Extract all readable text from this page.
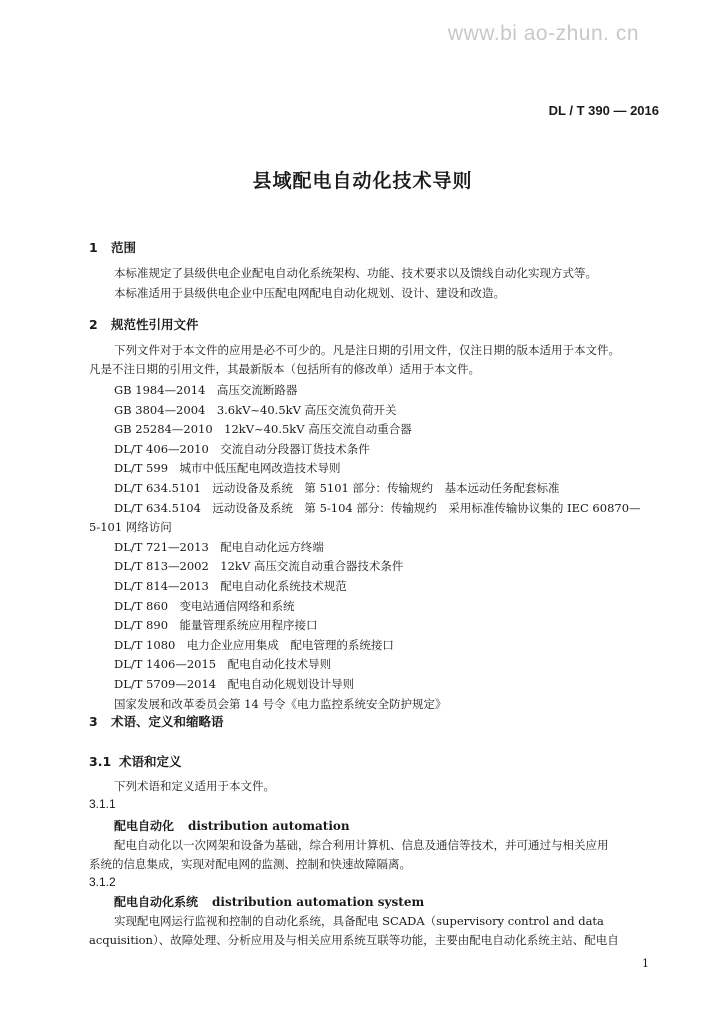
www.bi ao-zhun. cn
DL / T 390 — 2016
县域配电自动化技术导则
1 范围
本标准规定了县级供电企业配电自动化系统架构、功能、技术要求以及馈线自动化实现方式等。
本标准适用于县级供电企业中压配电网配电自动化规划、设计、建设和改造。
2 规范性引用文件
下列文件对于本文件的应用是必不可少的。凡是注日期的引用文件，仅注日期的版本适用于本文件。
凡是不注日期的引用文件，其最新版本（包括所有的修改单）适用于本文件。
GB 1984—2014　高压交流断路器
GB 3804—2004　3.6kV~40.5kV 高压交流负荷开关
GB 25284—2010　12kV~40.5kV 高压交流自动重合器
DL/T 406—2010　交流自动分段器订货技术条件
DL/T 599　城市中低压配电网改造技术导则
DL/T 634.5101　远动设备及系统　第 5101 部分：传输规约　基本远动任务配套标准
DL/T 634.5104　远动设备及系统　第 5-104 部分：传输规约　采用标准传输协议集的 IEC 60870—
5-101 网络访问
DL/T 721—2013　配电自动化远方终端
DL/T 813—2002　12kV 高压交流自动重合器技术条件
DL/T 814—2013　配电自动化系统技术规范
DL/T 860　变电站通信网络和系统
DL/T 890　能量管理系统应用程序接口
DL/T 1080　电力企业应用集成　配电管理的系统接口
DL/T 1406—2015　配电自动化技术导则
DL/T 5709—2014　配电自动化规划设计导则
国家发展和改革委员会第 14 号令《电力监控系统安全防护规定》
3 术语、定义和缩略语
3.1 术语和定义
下列术语和定义适用于本文件。
3.1.1
配电自动化 distribution automation
配电自动化以一次网架和设备为基础，综合利用计算机、信息及通信等技术，并可通过与相关应用
系统的信息集成，实现对配电网的监测、控制和快速故障隔离。
3.1.2
配电自动化系统 distribution automation system
实现配电网运行监视和控制的自动化系统，具备配电 SCADA（supervisory control and data
acquisition）、故障处理、分析应用及与相关应用系统互联等功能，主要由配电自动化系统主站、配电自
1
